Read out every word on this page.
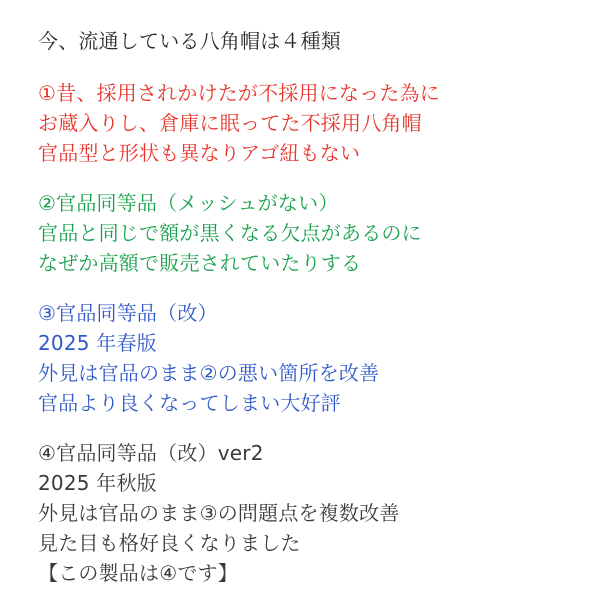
今、流通している八角帽は４種類
①昔、採用されかけたが不採用になった為に
お蔵入りし、倉庫に眠ってた不採用八角帽
官品型と形状も異なりアゴ紐もない
②官品同等品（メッシュがない）
官品と同じで額が黒くなる欠点があるのに
なぜか高額で販売されていたりする
③官品同等品（改）
2025 年春版
外見は官品のまま②の悪い箇所を改善
官品より良くなってしまい大好評
④官品同等品（改）ver2
2025 年秋版
外見は官品のまま③の問題点を複数改善
見た目も格好良くなりました
【この製品は④です】
